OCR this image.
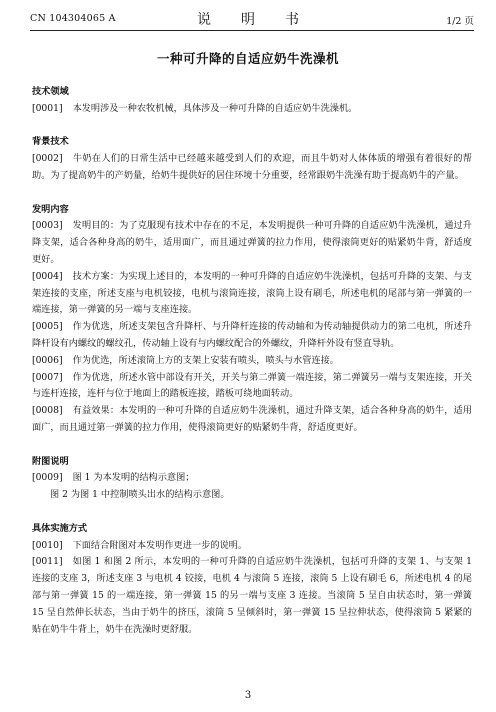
CN 104304065 A	说　明　书	1/2 页
一种可升降的自适应奶牛洗澡机

技术领域

[0001] 本发明涉及一种农牧机械，具体涉及一种可升降的自适应奶牛洗澡机。

背景技术

[0002] 牛奶在人们的日常生活中已经越来越受到人们的欢迎，而且牛奶对人体体质的增强有着很好的帮助。为了提高奶牛的产奶量，给奶牛提供好的居住环境十分重要，经常跟奶牛洗澡有助于提高奶牛的产量。

发明内容

[0003] 发明目的：为了克服现有技术中存在的不足，本发明提供一种可升降的自适应奶牛洗澡机，通过升降支架，适合各种身高的奶牛，适用面广，而且通过弹簧的拉力作用，使得滚筒更好的贴紧奶牛背，舒适度更好。

[0004] 技术方案：为实现上述目的，本发明的一种可升降的自适应奶牛洗澡机，包括可升降的支架、与支架连接的支座，所述支座与电机铰接，电机与滚筒连接，滚筒上设有刷毛，所述电机的尾部与第一弹簧的一端连接，第一弹簧的另一端与支座连接。

[0005] 作为优选，所述支架包含升降杆、与升降杆连接的传动轴和为传动轴提供动力的第二电机，所述升降杆设有内螺纹的螺纹孔，传动轴上设有与内螺纹配合的外螺纹，升降杆外设有竖直导轨。

[0006] 作为优选，所述滚筒上方的支架上安装有喷头，喷头与水管连接。

[0007] 作为优选，所述水管中部设有开关，开关与第二弹簧一端连接，第二弹簧另一端与支架连接，开关与连杆连接，连杆与位于地面上的踏板连接，踏板可绕地面转动。

[0008] 有益效果：本发明的一种可升降的自适应奶牛洗澡机，通过升降支架，适合各种身高的奶牛，适用面广，而且通过第一弹簧的拉力作用，使得滚筒更好的贴紧奶牛背，舒适度更好。

附图说明

[0009] 图 1 为本发明的结构示意图；

图 2 为图 1 中控制喷头出水的结构示意图。

具体实施方式

[0010] 下面结合附图对本发明作更进一步的说明。

[0011] 如图 1 和图 2 所示，本发明的一种可升降的自适应奶牛洗澡机，包括可升降的支架 1、与支架 1 连接的支座 3，所述支座 3 与电机 4 铰接，电机 4 与滚筒 5 连接，滚筒 5 上设有刷毛 6，所述电机 4 的尾部与第一弹簧 15 的一端连接，第一弹簧 15 的另一端与支座 3 连接。当滚筒 5 呈自由状态时，第一弹簧 15 呈自然伸长状态，当由于奶牛的挤压，滚筒 5 呈倾斜时，第一弹簧 15 呈拉伸状态，使得滚筒 5 紧紧的贴在奶牛牛背上，奶牛在洗澡时更舒服。

3
